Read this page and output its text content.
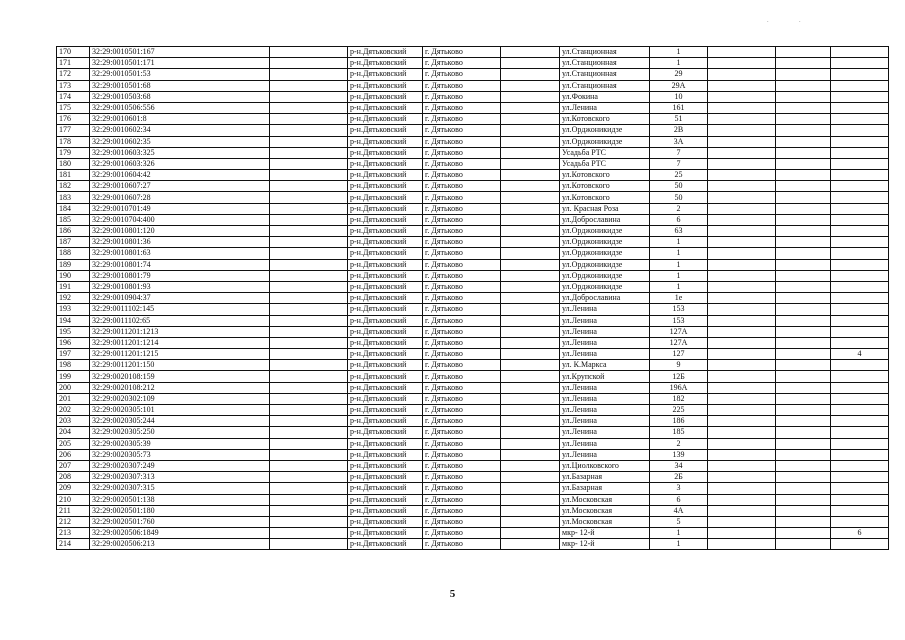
· ·
170	32:29:0010501:167		р-н.Дятьковский	г. Дятьково		ул.Станционная	1			
171	32:29:0010501:171		р-н.Дятьковский	г. Дятьково		ул.Станционная	1			
172	32:29:0010501:53		р-н.Дятьковский	г. Дятьково		ул.Станционная	29			
173	32:29:0010501:68		р-н.Дятьковский	г. Дятьково		ул.Станционная	29А			
174	32:29:0010503:68		р-н.Дятьковский	г. Дятьково		ул.Фокина	10			
175	32:29:0010506:556		р-н.Дятьковский	г. Дятьково		ул.Ленина	161			
176	32:29:0010601:8		р-н.Дятьковский	г. Дятьково		ул.Котовского	51			
177	32:29:0010602:34		р-н.Дятьковский	г. Дятьково		ул.Орджоникидзе	2В			
178	32:29:0010602:35		р-н.Дятьковский	г. Дятьково		ул.Орджоникидзе	3А			
179	32:29:0010603:325		р-н.Дятьковский	г. Дятьково		Усадьба РТС	7			
180	32:29:0010603:326		р-н.Дятьковский	г. Дятьково		Усадьба РТС	7			
181	32:29:0010604:42		р-н.Дятьковский	г. Дятьково		ул.Котовского	25			
182	32:29:0010607:27		р-н.Дятьковский	г. Дятьково		ул.Котовского	50			
183	32:29:0010607:28		р-н.Дятьковский	г. Дятьково		ул.Котовского	50			
184	32:29:0010701:49		р-н.Дятьковский	г. Дятьково		ул. Красная Роза	2			
185	32:29:0010704:400		р-н.Дятьковский	г. Дятьково		ул.Доброславина	6			
186	32:29:0010801:120		р-н.Дятьковский	г. Дятьково		ул.Орджоникидзе	63			
187	32:29:0010801:36		р-н.Дятьковский	г. Дятьково		ул.Орджоникидзе	1			
188	32:29:0010801:63		р-н.Дятьковский	г. Дятьково		ул.Орджоникидзе	1			
189	32:29:0010801:74		р-н.Дятьковский	г. Дятьково		ул.Орджоникидзе	1			
190	32:29:0010801:79		р-н.Дятьковский	г. Дятьково		ул.Орджоникидзе	1			
191	32:29:0010801:93		р-н.Дятьковский	г. Дятьково		ул.Орджоникидзе	1			
192	32:29:0010904:37		р-н.Дятьковский	г. Дятьково		ул.Доброславина	1е			
193	32:29:0011102:145		р-н.Дятьковский	г. Дятьково		ул.Ленина	153			
194	32:29:0011102:65		р-н.Дятьковский	г. Дятьково		ул.Ленина	153			
195	32:29:0011201:1213		р-н.Дятьковский	г. Дятьково		ул.Ленина	127А			
196	32:29:0011201:1214		р-н.Дятьковский	г. Дятьково		ул.Ленина	127А			
197	32:29:0011201:1215		р-н.Дятьковский	г. Дятьково		ул.Ленина	127			4
198	32:29:0011201:150		р-н.Дятьковский	г. Дятьково		ул. К.Маркса	9			
199	32:29:0020108:159		р-н.Дятьковский	г. Дятьково		ул.Крупской	12Б			
200	32:29:0020108:212		р-н.Дятьковский	г. Дятьково		ул.Ленина	196А			
201	32:29:0020302:109		р-н.Дятьковский	г. Дятьково		ул.Ленина	182			
202	32:29:0020305:101		р-н.Дятьковский	г. Дятьково		ул.Ленина	225			
203	32:29:0020305:244		р-н.Дятьковский	г. Дятьково		ул.Ленина	186			
204	32:29:0020305:250		р-н.Дятьковский	г. Дятьково		ул.Ленина	185			
205	32:29:0020305:39		р-н.Дятьковский	г. Дятьково		ул.Ленина	2			
206	32:29:0020305:73		р-н.Дятьковский	г. Дятьково		ул.Ленина	139			
207	32:29:0020307:249		р-н.Дятьковский	г. Дятьково		ул.Циолковского	34			
208	32:29:0020307:313		р-н.Дятьковский	г. Дятьково		ул.Базарная	2Б			
209	32:29:0020307:315		р-н.Дятьковский	г. Дятьково		ул.Базарная	3			
210	32:29:0020501:138		р-н.Дятьковский	г. Дятьково		ул.Московская	6			
211	32:29:0020501:180		р-н.Дятьковский	г. Дятьково		ул.Московская	4А			
212	32:29:0020501:760		р-н.Дятьковский	г. Дятьково		ул.Московская	5			
213	32:29:0020506:1849		р-н.Дятьковский	г. Дятьково		мкр- 12-й	1			6
214	32:29:0020506:213		р-н.Дятьковский	г. Дятьково		мкр- 12-й	1			
5
